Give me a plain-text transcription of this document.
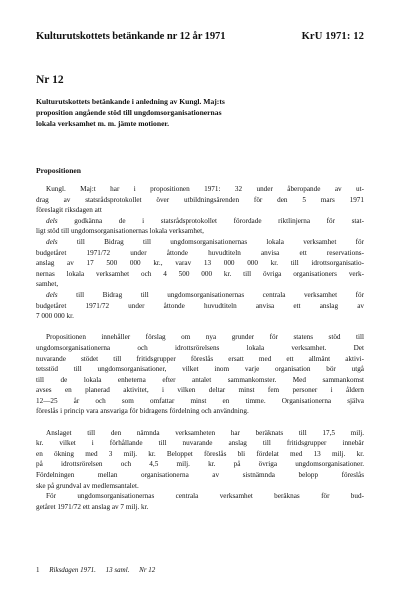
Kulturutskottets betänkande nr 12 år 1971	KrU 1971: 12
Nr 12
Kulturutskottets betänkande i anledning av Kungl. Maj:ts
proposition angående stöd till ungdomsorganisationernas
lokala verksamhet m. m. jämte motioner.
Propositionen
Kungl. Maj:t har i propositionen 1971: 32 under åberopande av ut-
drag av statsrådsprotokollet över utbildningsärenden för den 5 mars 1971
föreslagit riksdagen att
dels godkänna de i statsrådsprotokollet förordade riktlinjerna för stat-
ligt stöd till ungdomsorganisationernas lokala verksamhet,
dels	till Bidrag till ungdomsorganisationernas lokala verksamhet för
budgetåret 1971/72 under åttonde huvudtiteln anvisa ett reservations-
anslag av 17 500 000 kr., varav 13 000 000 kr. till idrottsorganisatio-
nernas lokala verksamhet och 4 500 000 kr. till övriga organisationers verk-
samhet,
dels	till Bidrag till ungdomsorganisationernas centrala verksamhet för
budgetåret 1971/72 under åttonde huvudtiteln anvisa ett anslag av
7 000 000 kr.
Propositionen innehåller förslag om nya grunder för statens stöd till
ungdomsorganisationerna och idrottsrörelsens lokala verksamhet. Det
nuvarande stödet till fritidsgrupper föreslås ersatt med ett allmänt aktivi-
tetsstöd till ungdomsorganisationer, vilket inom varje organisation bör utgå
till de lokala enheterna efter antalet sammankomster. Med sammankomst
avses en planerad aktivitet, i vilken deltar minst fem personer i åldern
12—25 år och som omfattar minst en timme. Organisationerna själva
föreslås i princip vara ansvariga för bidragens fördelning och användning.
Anslaget till den nämnda verksamheten har beräknats till 17,5 milj.
kr. vilket i förhållande till nuvarande anslag till fritidsgrupper innebär
en ökning med 3 milj. kr. Beloppet föreslås bli fördelat med 13 milj. kr.
på idrottsrörelsen och 4,5 milj. kr. på övriga ungdomsorganisationer.
Fördelningen mellan organisationerna av sistnämnda belopp föreslås
ske på grundval av medlemsantalet.
För ungdomsorganisationernas centrala verksamhet beräknas för bud-
getåret 1971/72 ett anslag av 7 milj. kr.
1 Riksdagen 1971. 13 saml. Nr 12
